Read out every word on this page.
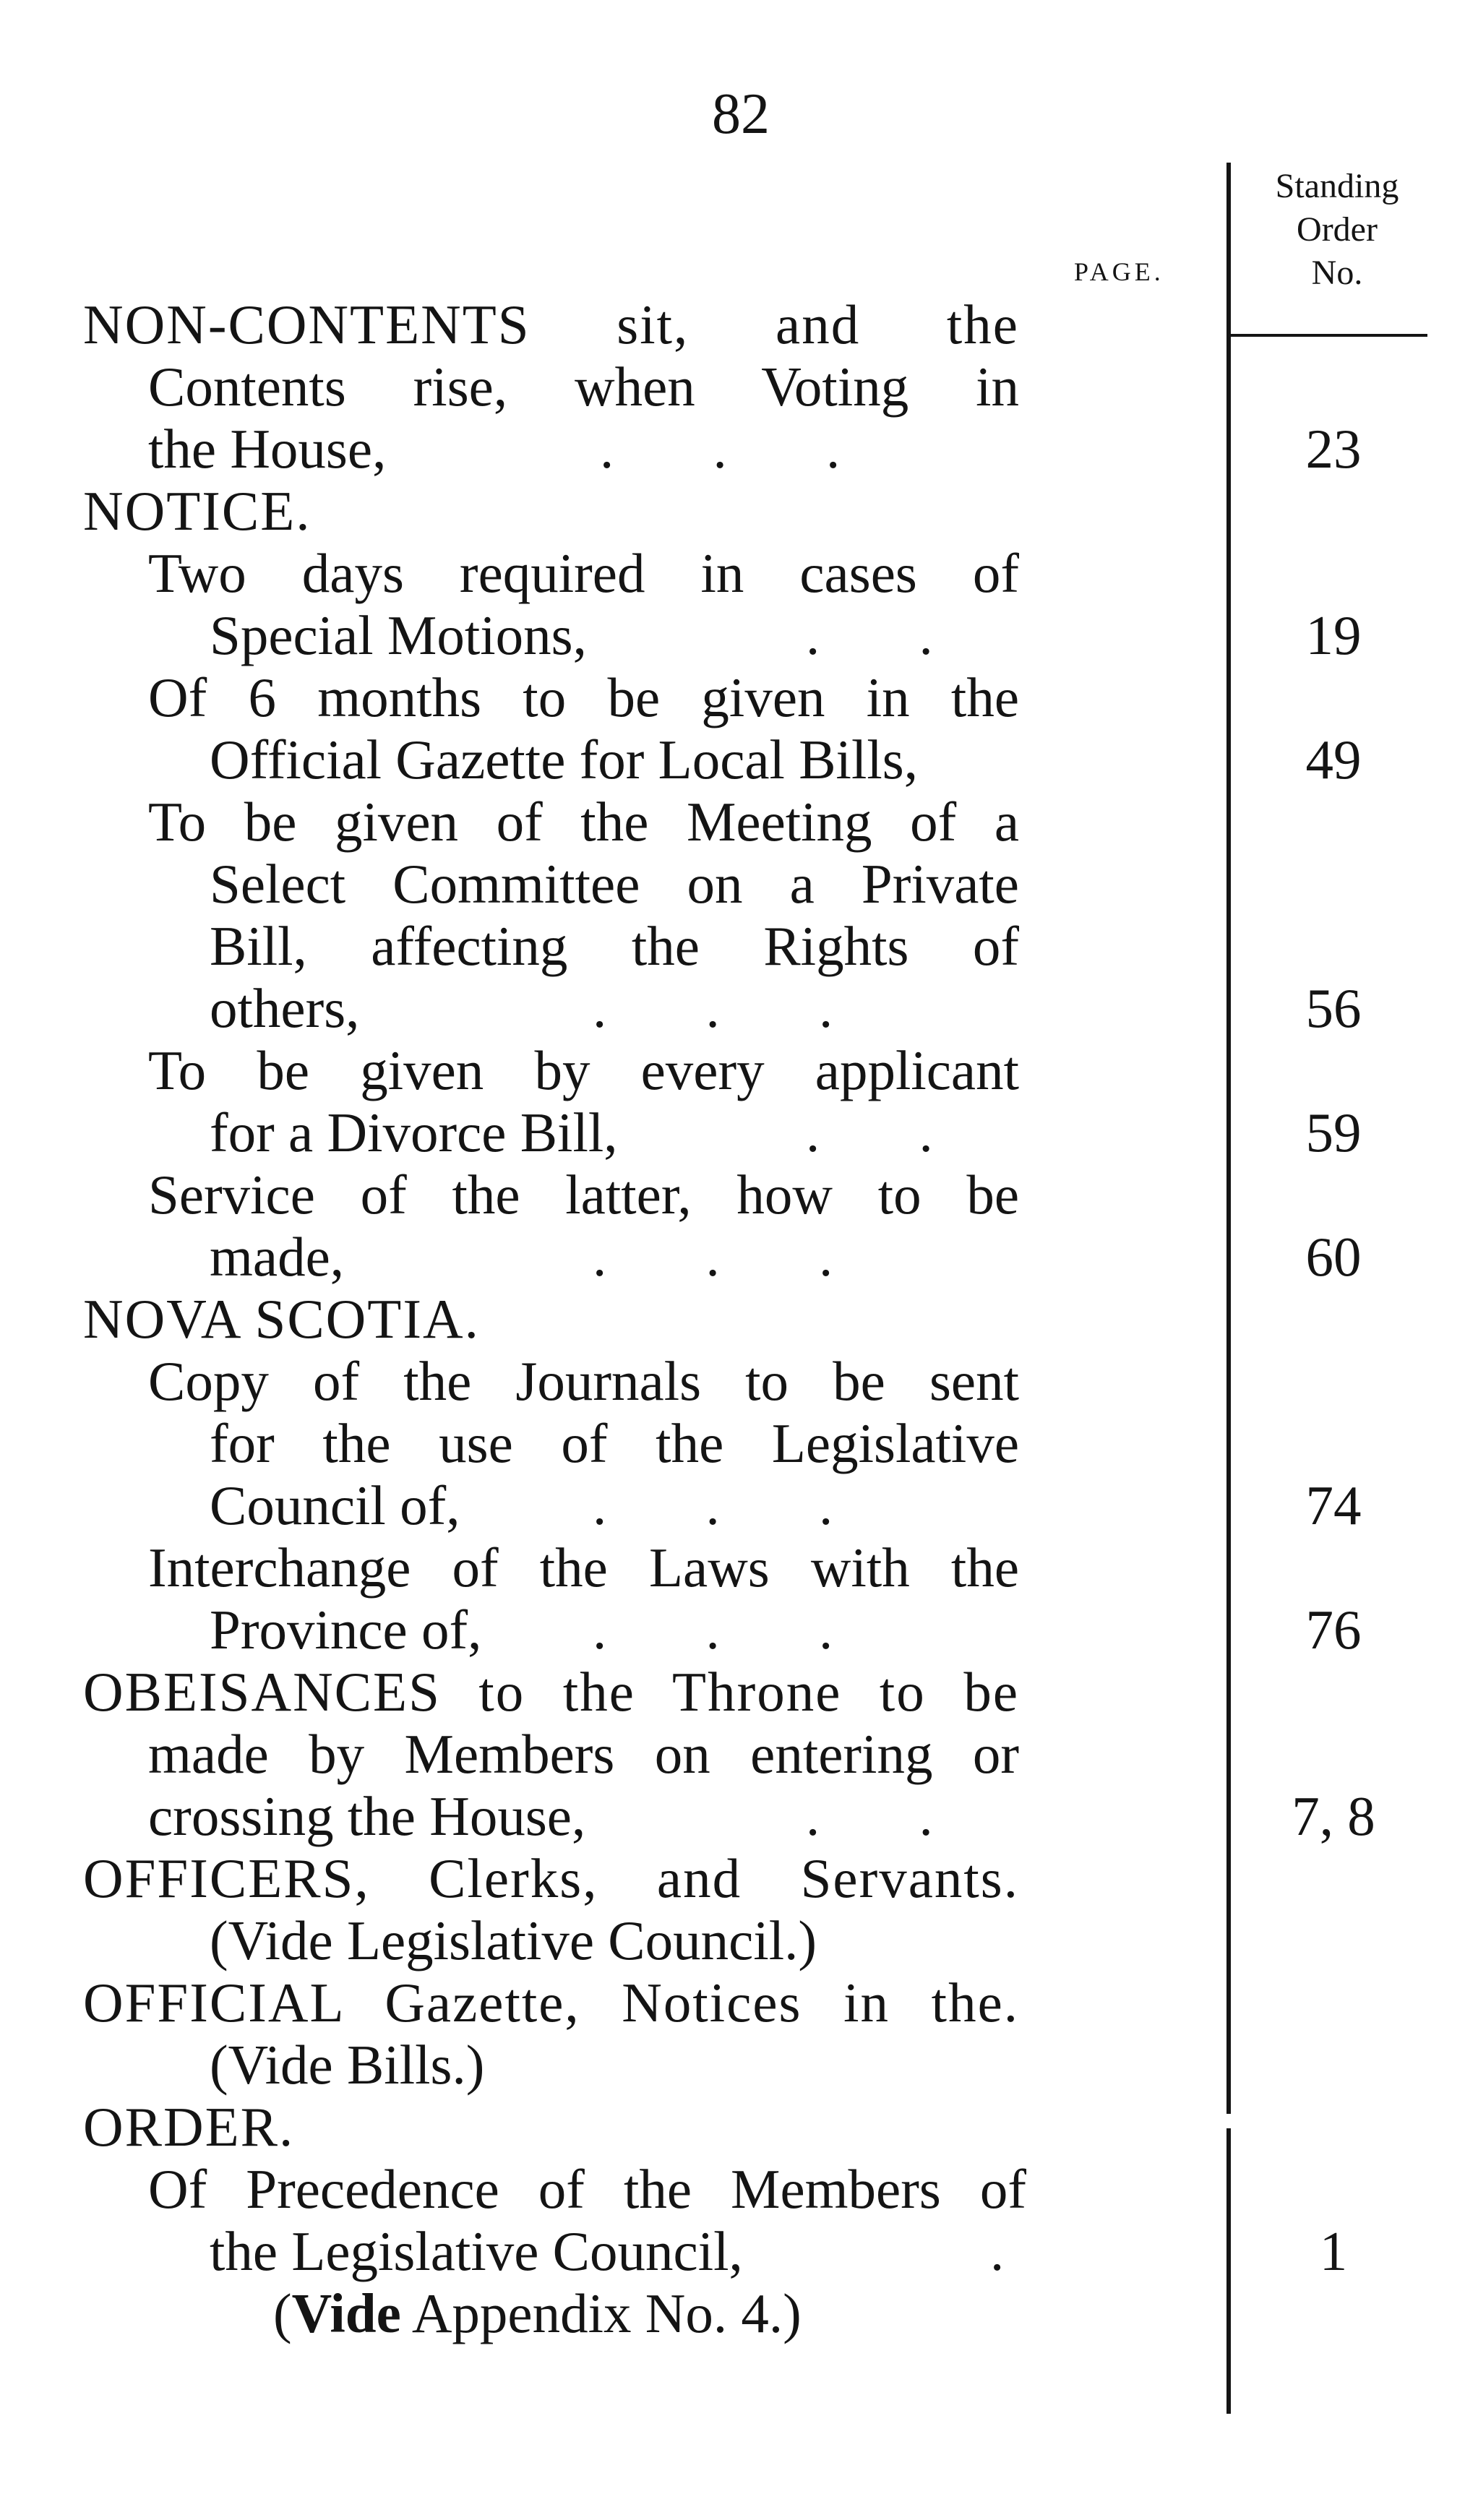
82
PAGE.
Standing
Order
No.
NON-CONTENTS sit, and the
Contents rise, when Voting in
the House,	. . .	23
NOTICE.
Two days required in cases of
Special Motions,	. .	19
Of 6 months to be given in the
Official Gazette for Local Bills,	49
To be given of the Meeting of a
Select Committee on a Private
Bill, affecting the Rights of
others,	. . .	56
To be given by every applicant
for a Divorce Bill,	. .	59
Service of the latter, how to be
made,	. . .	60
NOVA SCOTIA.
Copy of the Journals to be sent
for the use of the Legislative
Council of, . . .	74
Interchange of the Laws with the
Province of, . . .	76
OBEISANCES to the Throne to be
made by Members on entering or
crossing the House,	. .	7, 8
OFFICERS, Clerks, and Servants.
(Vide Legislative Council.)
OFFICIAL Gazette, Notices in the.
(Vide Bills.)
ORDER.
Of Precedence of the Members of
the Legislative Council,	.	1
(Vide Appendix No. 4.)
